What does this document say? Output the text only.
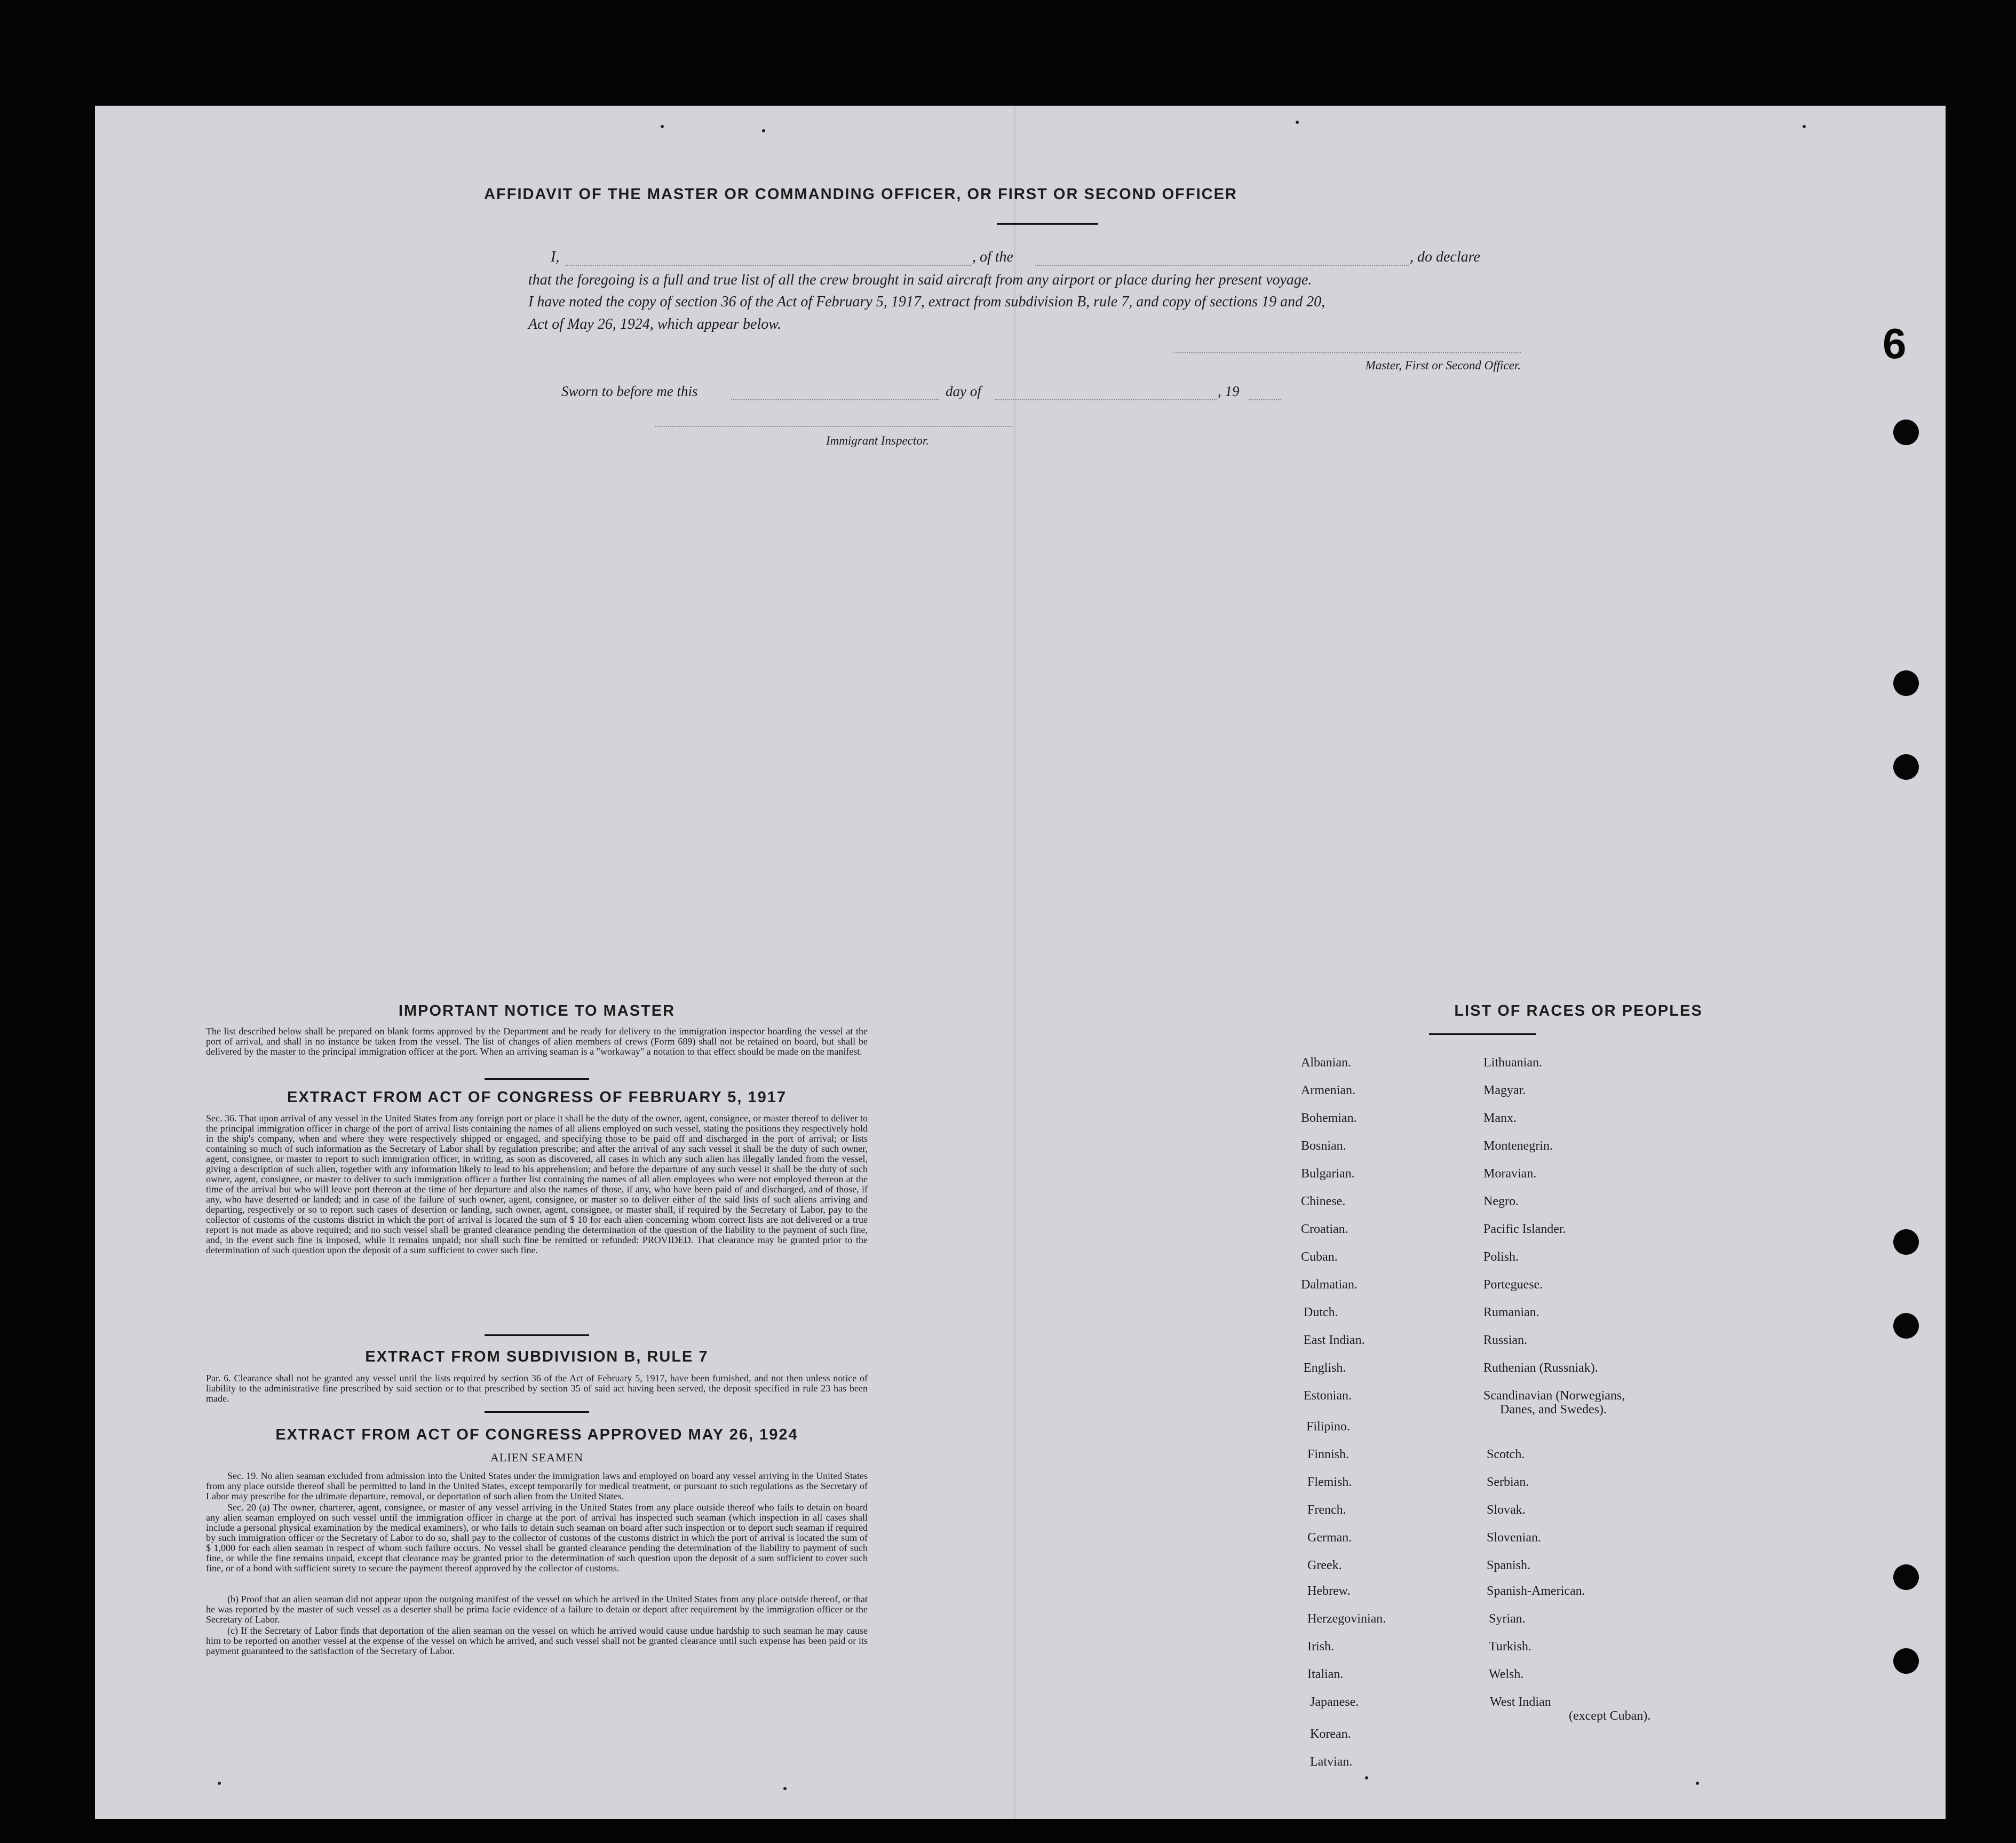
6
AFFIDAVIT OF THE MASTER OR COMMANDING OFFICER, OR FIRST OR SECOND OFFICER
I,	, of the	, do declare
that the foregoing is a full and true list of all the crew brought in said aircraft from any airport or place during her present voyage.
I have noted the copy of section 36 of the Act of February 5, 1917, extract from subdivision B, rule 7, and copy of sections 19 and 20,
Act of May 26, 1924, which appear below.
Master, First or Second Officer.
Sworn to before me this	day of	, 19
Immigrant Inspector.
IMPORTANT NOTICE TO MASTER
The list described below shall be prepared on blank forms approved by the Department and be ready for delivery to the immigration inspector boarding the vessel at the port of arrival, and shall in no instance be taken from the vessel. The list of changes of alien members of crews (Form 689) shall not be retained on board, but shall be delivered by the master to the principal immigration officer at the port. When an arriving seaman is a "workaway" a notation to that effect should be made on the manifest.
EXTRACT FROM ACT OF CONGRESS OF FEBRUARY 5, 1917
Sec. 36. That upon arrival of any vessel in the United States from any foreign port or place it shall be the duty of the owner, agent, consignee, or master thereof to deliver to the principal immigration officer in charge of the port of arrival lists containing the names of all aliens employed on such vessel, stating the positions they respectively hold in the ship's company, when and where they were respectively shipped or engaged, and specifying those to be paid off and discharged in the port of arrival; or lists containing so much of such information as the Secretary of Labor shall by regulation prescribe; and after the arrival of any such vessel it shall be the duty of such owner, agent, consignee, or master to report to such immigration officer, in writing, as soon as discovered, all cases in which any such alien has illegally landed from the vessel, giving a description of such alien, together with any information likely to lead to his apprehension; and before the departure of any such vessel it shall be the duty of such owner, agent, consignee, or master to deliver to such immigration officer a further list containing the names of all alien employees who were not employed thereon at the time of the arrival but who will leave port thereon at the time of her departure and also the names of those, if any, who have been paid of and discharged, and of those, if any, who have deserted or landed; and in case of the failure of such owner, agent, consignee, or master so to deliver either of the said lists of such aliens arriving and departing, respectively or so to report such cases of desertion or landing, such owner, agent, consignee, or master shall, if required by the Secretary of Labor, pay to the collector of customs of the customs district in which the port of arrival is located the sum of $ 10 for each alien concerning whom correct lists are not delivered or a true report is not made as above required; and no such vessel shall be granted clearance pending the determination of the question of the liability to the payment of such fine, and, in the event such fine is imposed, while it remains unpaid; nor shall such fine be remitted or refunded: PROVIDED. That clearance may be granted prior to the determination of such question upon the deposit of a sum sufficient to cover such fine.
EXTRACT FROM SUBDIVISION B, RULE 7
Par. 6. Clearance shall not be granted any vessel until the lists required by section 36 of the Act of February 5, 1917, have been furnished, and not then unless notice of liability to the administrative fine prescribed by said section or to that prescribed by section 35 of said act having been served, the deposit specified in rule 23 has been made.
EXTRACT FROM ACT OF CONGRESS APPROVED MAY 26, 1924
ALIEN SEAMEN
Sec. 19. No alien seaman excluded from admission into the United States under the immigration laws and employed on board any vessel arriving in the United States from any place outside thereof shall be permitted to land in the United States, except temporarily for medical treatment, or pursuant to such regulations as the Secretary of Labor may prescribe for the ultimate departure, removal, or deportation of such alien from the United States.
Sec. 20 (a) The owner, charterer, agent, consignee, or master of any vessel arriving in the United States from any place outside thereof who fails to detain on board any alien seaman employed on such vessel until the immigration officer in charge at the port of arrival has inspected such seaman (which inspection in all cases shall include a personal physical examination by the medical examiners), or who fails to detain such seaman on board after such inspection or to deport such seaman if required by such immigration officer or the Secretary of Labor to do so, shall pay to the collector of customs of the customs district in which the port of arrival is located the sum of $ 1,000 for each alien seaman in respect of whom such failure occurs. No vessel shall be granted clearance pending the determination of the liability to payment of such fine, or while the fine remains unpaid, except that clearance may be granted prior to the determination of such question upon the deposit of a sum sufficient to cover such fine, or of a bond with sufficient surety to secure the payment thereof approved by the collector of customs.
(b) Proof that an alien seaman did not appear upon the outgoing manifest of the vessel on which he arrived in the United States from any place outside thereof, or that he was reported by the master of such vessel as a deserter shall be prima facie evidence of a failure to detain or deport after requirement by the immigration officer or the Secretary of Labor.
(c) If the Secretary of Labor finds that deportation of the alien seaman on the vessel on which he arrived would cause undue hardship to such seaman he may cause him to be reported on another vessel at the expense of the vessel on which he arrived, and such vessel shall not be granted clearance until such expense has been paid or its payment guaranteed to the satisfaction of the Secretary of Labor.
LIST OF RACES OR PEOPLES
Albanian.
Armenian.
Bohemian.
Bosnian.
Bulgarian.
Chinese.
Croatian.
Cuban.
Dalmatian.
Dutch.
East Indian.
English.
Estonian.
Filipino.
Finnish.
Flemish.
French.
German.
Greek.
Hebrew.
Herzegovinian.
Irish.
Italian.
Japanese.
Korean.
Latvian.
Lithuanian.
Magyar.
Manx.
Montenegrin.
Moravian.
Negro.
Pacific Islander.
Polish.
Porteguese.
Rumanian.
Russian.
Ruthenian (Russniak).
Scandinavian (Norwegians,
Danes, and Swedes).
Scotch.
Serbian.
Slovak.
Slovenian.
Spanish.
Spanish-American.
Syrian.
Turkish.
Welsh.
West Indian
(except Cuban).
